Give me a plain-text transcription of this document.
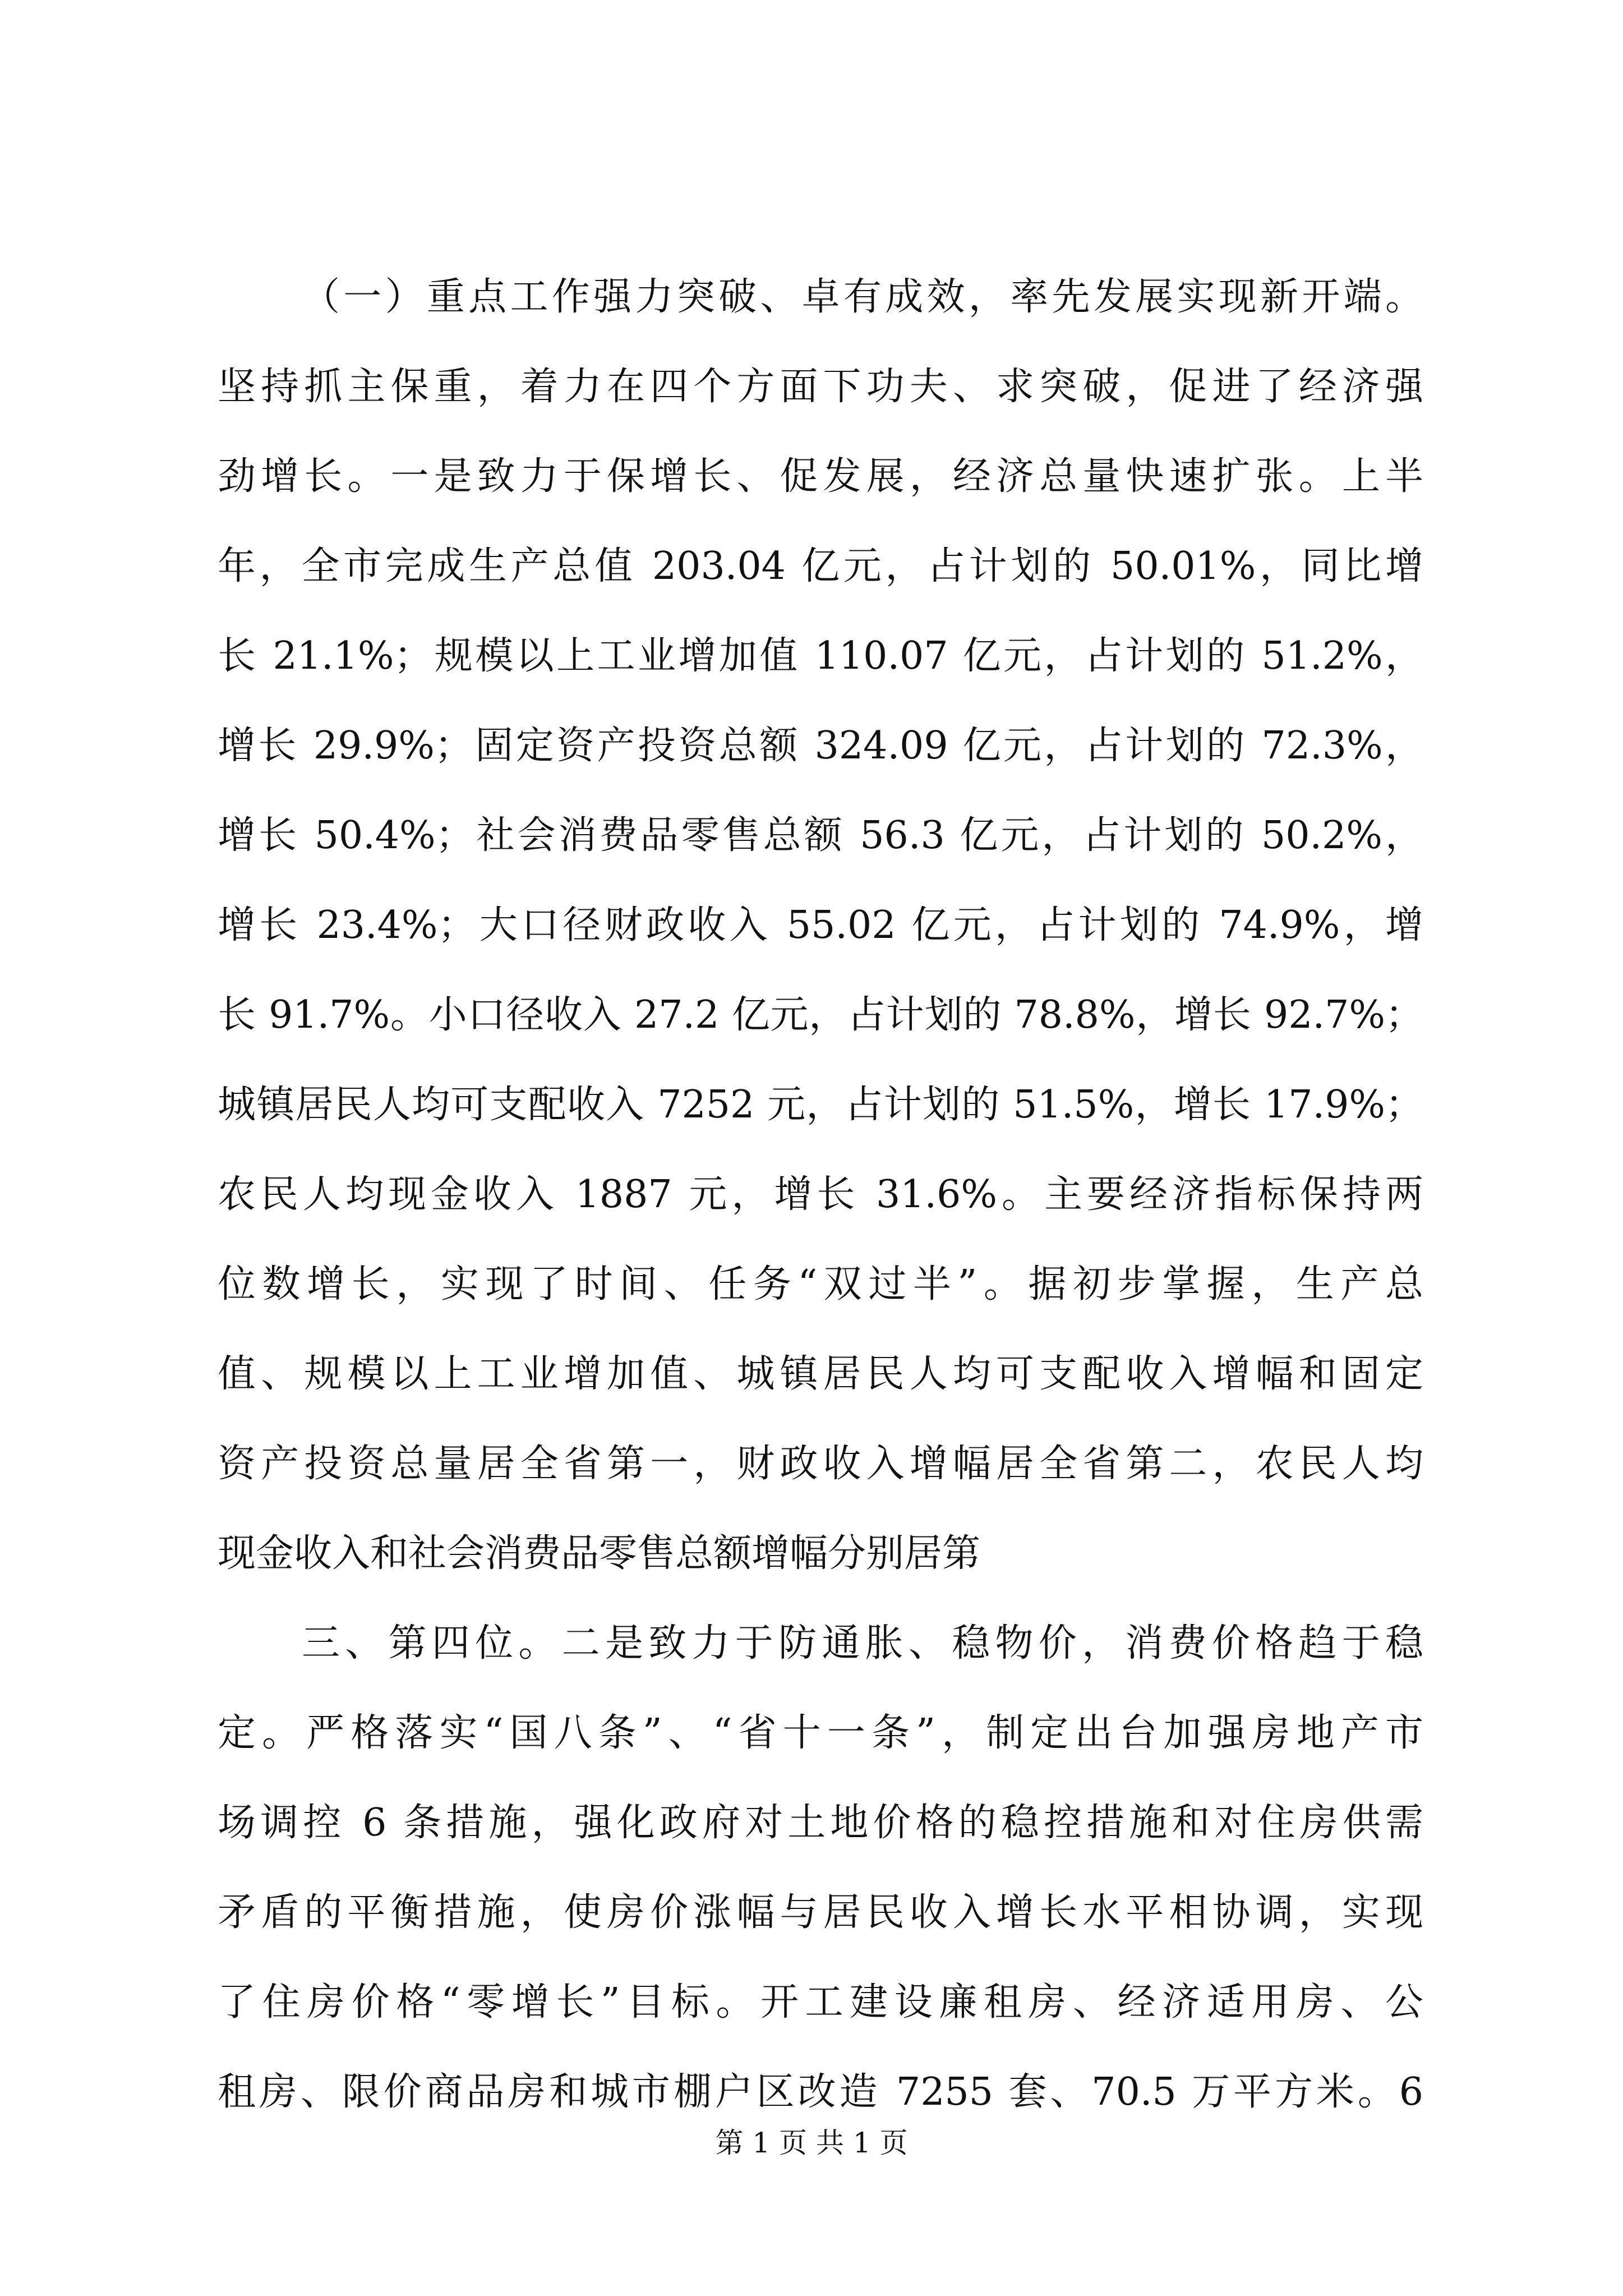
（一）重点工作强力突破、卓有成效，率先发展实现新开端。
坚持抓主保重，着力在四个方面下功夫、求突破，促进了经济强
劲增长。一是致力于保增长、促发展，经济总量快速扩张。上半
年，全市完成生产总值 203.04 亿元，占计划的 50.01%，同比增
长 21.1%；规模以上工业增加值 110.07 亿元，占计划的 51.2%，
增长 29.9%；固定资产投资总额 324.09 亿元，占计划的 72.3%，
增长 50.4%；社会消费品零售总额 56.3 亿元，占计划的 50.2%，
增长 23.4%；大口径财政收入 55.02 亿元，占计划的 74.9%，增
长 91.7%。小口径收入 27.2 亿元，占计划的 78.8%，增长 92.7%；
城镇居民人均可支配收入 7252 元，占计划的 51.5%，增长 17.9%；
农民人均现金收入 1887 元，增长 31.6%。主要经济指标保持两
位数增长，实现了时间、任务“双过半”。据初步掌握，生产总
值、规模以上工业增加值、城镇居民人均可支配收入增幅和固定
资产投资总量居全省第一，财政收入增幅居全省第二，农民人均
现金收入和社会消费品零售总额增幅分别居第
三、第四位。二是致力于防通胀、稳物价，消费价格趋于稳
定。严格落实“国八条”、“省十一条”，制定出台加强房地产市
场调控 6 条措施，强化政府对土地价格的稳控措施和对住房供需
矛盾的平衡措施，使房价涨幅与居民收入增长水平相协调，实现
了住房价格“零增长”目标。开工建设廉租房、经济适用房、公
租房、限价商品房和城市棚户区改造 7255 套、70.5 万平方米。6
第 1 页 共 1 页
